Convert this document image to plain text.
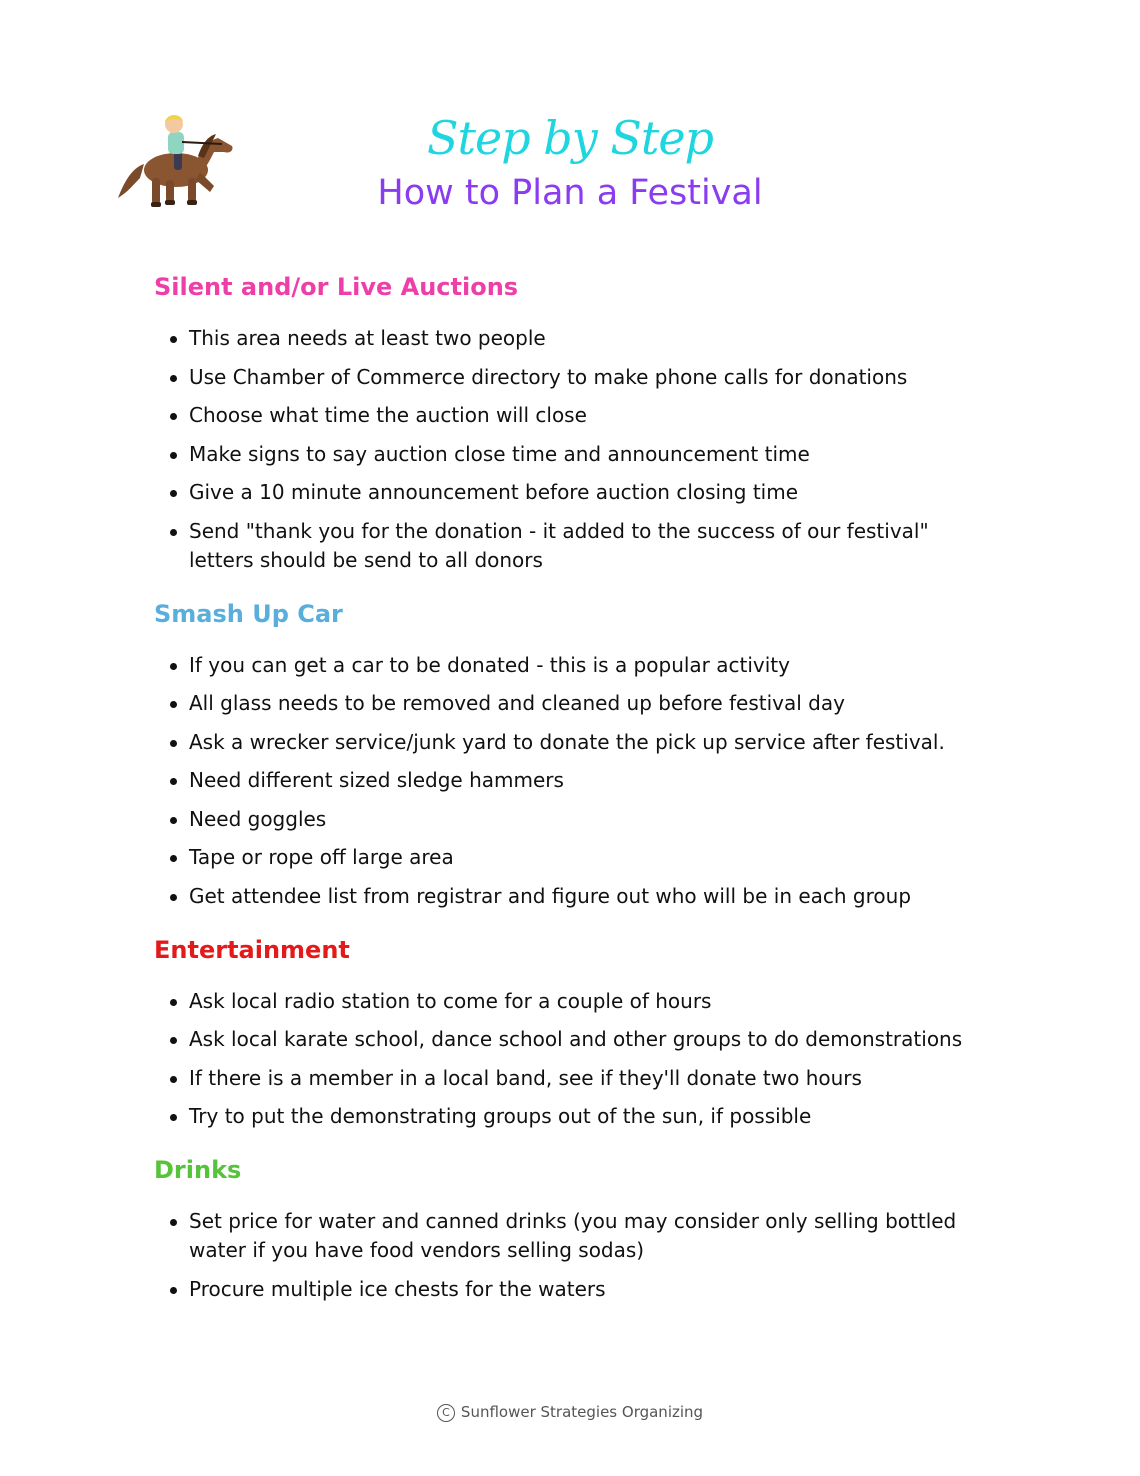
Step by Step
How to Plan a Festival
Silent and/or Live Auctions
This area needs at least two people
Use Chamber of Commerce directory to make phone calls for donations
Choose what time the auction will close
Make signs to say auction close time and announcement time
Give a 10 minute announcement before auction closing time
Send "thank you for the donation - it added to the success of our festival" letters should be send to all donors
Smash Up Car
If you can get a car to be donated - this is a popular activity
All glass needs to be removed and cleaned up before festival day
Ask a wrecker service/junk yard to donate the pick up service after festival.
Need different sized sledge hammers
Need goggles
Tape or rope off large area
Get attendee list from registrar and figure out who will be in each group
Entertainment
Ask local radio station to come for a couple of hours
Ask local karate school, dance school and other groups to do demonstrations
If there is a member in a local band, see if they'll donate two hours
Try to put the demonstrating groups out of the sun, if possible
Drinks
Set price for water and canned drinks (you may consider only selling bottled water if you have food vendors selling sodas)
Procure multiple ice chests for the waters
C Sunflower Strategies Organizing
